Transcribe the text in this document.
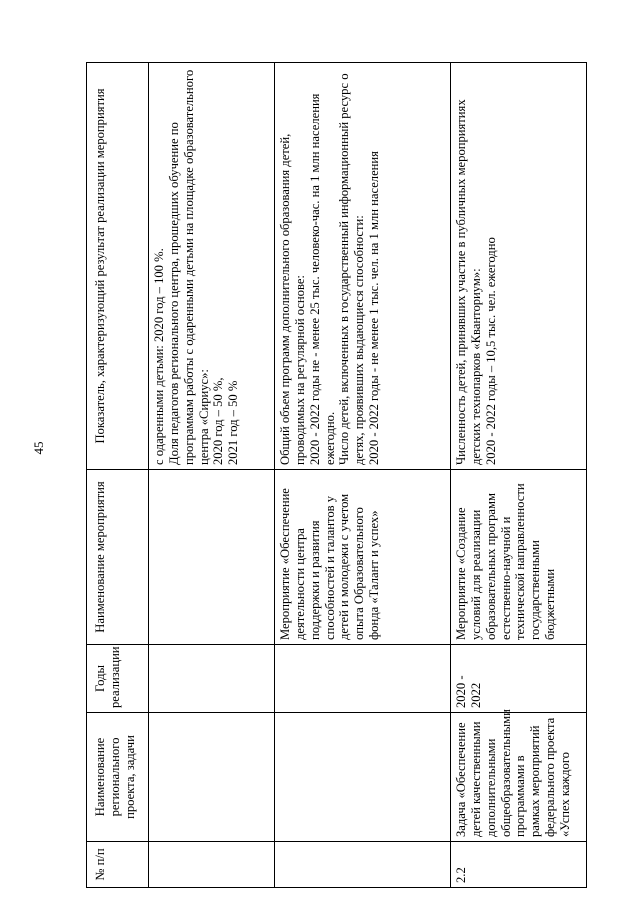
45
№ п/п	Наименование регионального проекта, задачи	Годы реализации	Наименование мероприятия	Показатель, характеризующий результат реализации мероприятия

				с одаренными детьми: 2020 год – 100 %. Доля педагогов регионального центра, прошедших обучение по программам работы с одаренными детьми на площадке образовательного центра «Сириус»: 2020 год – 50 %, 2021 год – 50 %

			Мероприятие «Обеспечение деятельности центра поддержки и развития способностей и талантов у детей и молодежи с учетом опыта Образовательного фонда «Талант и успех»	Общий объем программ дополнительного образования детей, проводимых на регулярной основе: 2020 - 2022 годы не - менее 25 тыс. человеко-час. на 1 млн населения ежегодно. Число детей, включенных в государственный информационный ресурс о детях, проявивших выдающиеся способности: 2020 - 2022 годы - не менее 1 тыс. чел. на 1 млн населения

2.2	Задача «Обеспечение детей качественными дополнительными общеобразовательными программами в рамках мероприятий федерального проекта «Успех каждого	2020 - 2022	Мероприятие «Создание условий для реализации образовательных программ естественно-научной и технической направленности государственными бюджетными	Численность детей, принявших участие в публичных мероприятиях детских технопарков «Кванториум»: 2020 - 2022 годы – 10,5 тыс. чел. ежегодно
